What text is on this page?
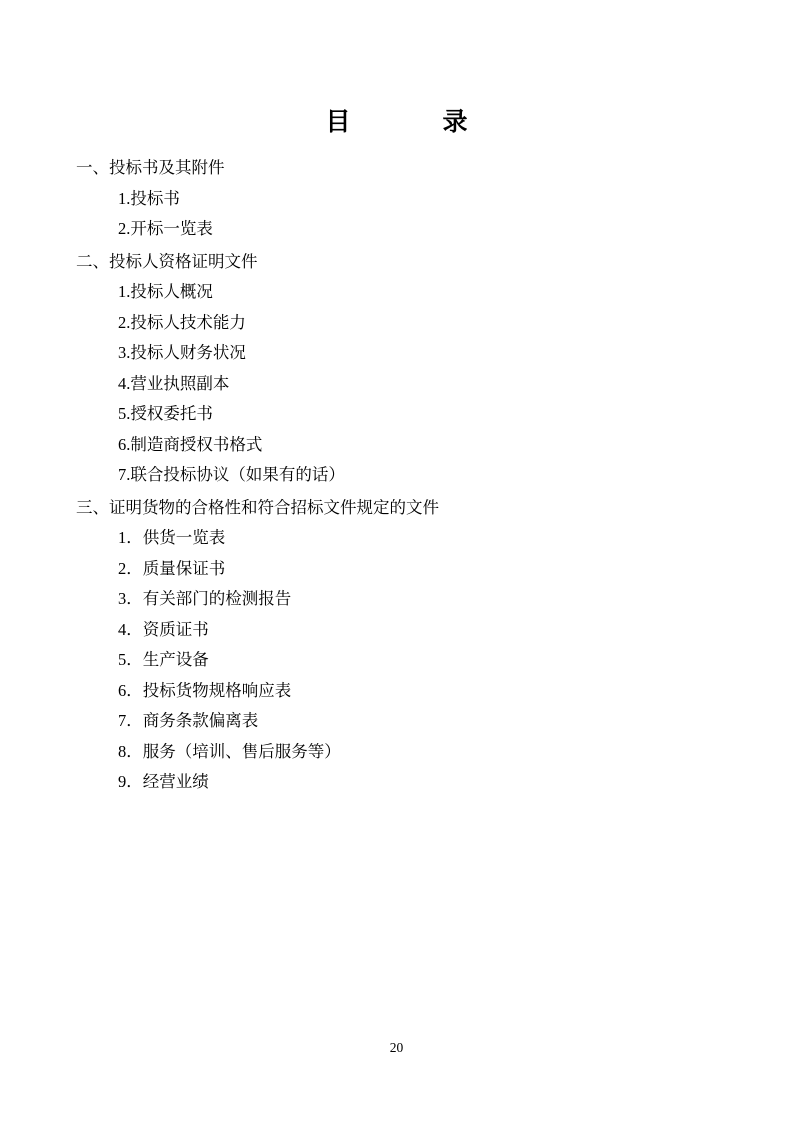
目　　录
一、投标书及其附件
1.投标书
2.开标一览表
二、投标人资格证明文件
1.投标人概况
2.投标人技术能力
3.投标人财务状况
4.营业执照副本
5.授权委托书
6.制造商授权书格式
7.联合投标协议（如果有的话）
三、证明货物的合格性和符合招标文件规定的文件
1．供货一览表
2．质量保证书
3．有关部门的检测报告
4．资质证书
5．生产设备
6．投标货物规格响应表
7．商务条款偏离表
8．服务（培训、售后服务等）
9．经营业绩
20
